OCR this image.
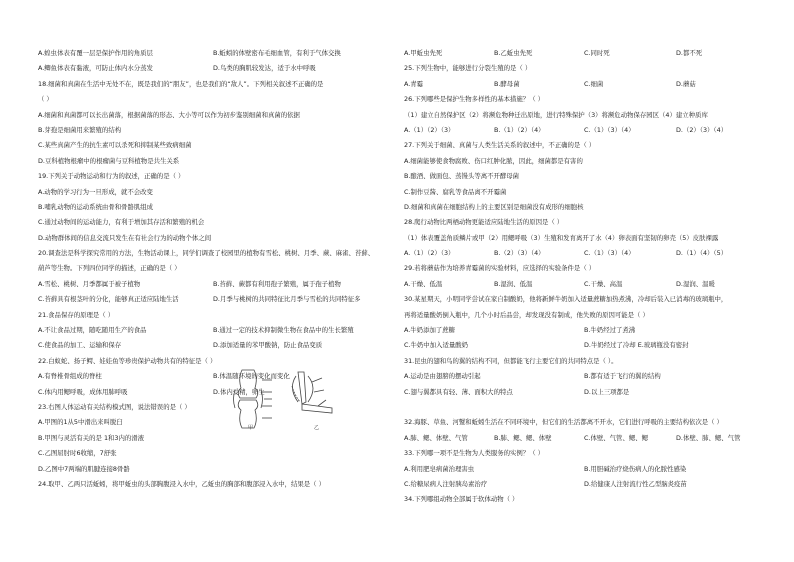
A.蝗虫体表有覆一层是保护作用的角质层	B.蚯蚓的体壁密布毛细血管，有利于气体交换
A.鲫鱼体表有黏液，可防止体内水分蒸发	D.鸟类的胸肌较发达，适于水中呼吸
18.细菌和真菌在生活中无处不在，既是我们的“朋友”，也是我们的“敌人”。下列相关叙述不正确的是
（ ）
A.细菌和真菌都可以长出菌落，根据菌落的形态、大小等可以作为初步鉴别细菌和真菌的依据
B.芽孢是细菌用来繁殖的结构
C.某些真菌产生的抗生素可以杀死和抑制某些致病细菌
D.豆科植物根瘤中的根瘤菌与豆科植物是共生关系
19.下列关于动物运动和行为的叙述，正确的是（ ）
A.动物的学习行为一旦形成，就不会改变
B.哺乳动物的运动系统由骨和骨骼肌组成
C.通过动物间的运动能力，有利于增加其存活和繁殖的机会
D.动物群体间的信息交流只发生在有社会行为的动物个体之间
20.调查法是科学探究常用的方法，生物活动课上，同学们调查了校园里的植物有雪松、桃树、月季、蕨、麻雀、苔藓、
葫芦等生物。下列四位同学的描述，正确的是（ ）
A.雪松、桃树、月季都属于被子植物	B.苔藓、蕨都有利用孢子繁殖，属于孢子植物
C.苔藓具有根茎叶的分化，能够真正适应陆地生活	D.月季与桃树的共同特征比月季与雪松的共同特征多
21.食品保存的原理是（ ）
A.不让食品过期，随吃随用生产的食品	B.通过一定的技术抑制微生物在食品中的生长繁殖
C.使食品的加工、运输和保存	D.添加适量的苯甲酸钠，防止食品变质
22.白蚁蛇、扬子鳄、娃娃鱼等珍贵保护动物共有的特征是（ ）
A.有脊椎骨组成的脊柱	B.体温随环境的变化而变化
C.体内用鳃呼吸，成体用肺呼吸	D.体内受精，卵生
23.右图人体运动有关结构模式图，说法错误的是（ ）
A.甲图的1从5中滑出来叫脱臼
B.甲图与灵活有关的是 1和3内的滑液
C.乙图屈肘时6收缩，7舒张
D.乙图中7两端的肌腱连接8骨骼
24.取甲、乙两只活蚯蚓，将甲蚯虫的头部胸腹浸入水中，乙蚯虫的胸部和腹部浸入水中，结果是（ ）
A.甲蚯虫先死	B.乙蚯虫先死	C.同时死	D.都不死
25.下列生物中，能够进行分裂生殖的是（ ）
A.青霉	B.酵母菌	C.细菌	D.蘑菇
26.下列哪些是保护生物多样性的基本措施？（ ）
（1）建立自然保护区（2）将濒危物种迁出原地，进行特殊保护（3）将濒危动物保存园区（4）建立种质库
A.（1）（2）（3）	B.（1）（2）（4）	C.（1）（3）（4）	D.（2）（3）（4）
27.下列关于细菌、真菌与人类生活关系的叙述中，不正确的是（ ）
A.细菌能够使食物腐败、伤口红肿化脓，因此，细菌都是有害的
B.酿酒、做面包、蒸馒头等离不开酵母菌
C.制作豆酱、腐乳等食品离不开霉菌
D.细菌和真菌在细胞结构上的主要区别是细菌没有成形的细胞核
28.爬行动物比两栖动物更能适应陆地生活的原因是（ ）
（1）体表覆盖角质鳞片或甲（2）用鳃呼吸（3）生殖和发育离开了水（4）卵表面有坚韧的卵壳（5）皮肤裸露
A.（1）（2）（3）	B.（2）（3）（4）	C.（1）（3）（4）	D.（1）（4）（5）
29.若将蘑菇作为培养青霉菌的实验材料，应选择的实验条件是（ ）
A.干燥、低温	B.湿润、低温	C.干燥、高温	D.湿润、温暖
30.某星期天，小明同学尝试在家自制酸奶，他将新鲜牛奶加入适量蔗糖加热煮沸，冷却后装入已消毒的玻璃瓶中，
再将适量酸奶倒入瓶中，几个小时后品尝，却发现没有制成，他失败的原因可能是（ ）
A.牛奶添加了蔗糖	B.牛奶经过了煮沸
C.牛奶中加入适量酸奶	D.牛奶经过了冷却 E.玻璃瓶没有密封
31.昆虫的翅和鸟的翼的结构不同，但都能飞行主要它们的共同特点是（ ）。
A.运动是由翅膀的摆动引起	B.都有适于飞行的翼的结构
C.翅与翼都具有轻、薄、面积大的特点	D.以上三项都是
32.海豚、草鱼、河蟹和蚯蚓生活在不同环境中，但它们的生活都离不开水，它们进行呼吸的主要结构依次是（ ）
A.肺、鳃、体壁、气管	B.肺、鳃、鳃、体壁	C.体壁、气管、鳃、鳃	D.体壁、肺、鳃、气管
33.下列哪一项不是生物为人类服务的实例？（ ）
A.利用肥皂病菌治理害虫	B.用胆碱治疗烧伤病人的化脓性感染
C.给糖尿病人注射胰岛素治疗	D.给健康人注射流行性乙型脑炎疫苗
34.下列哪组动物全部属于软体动物（ ）
甲	乙
